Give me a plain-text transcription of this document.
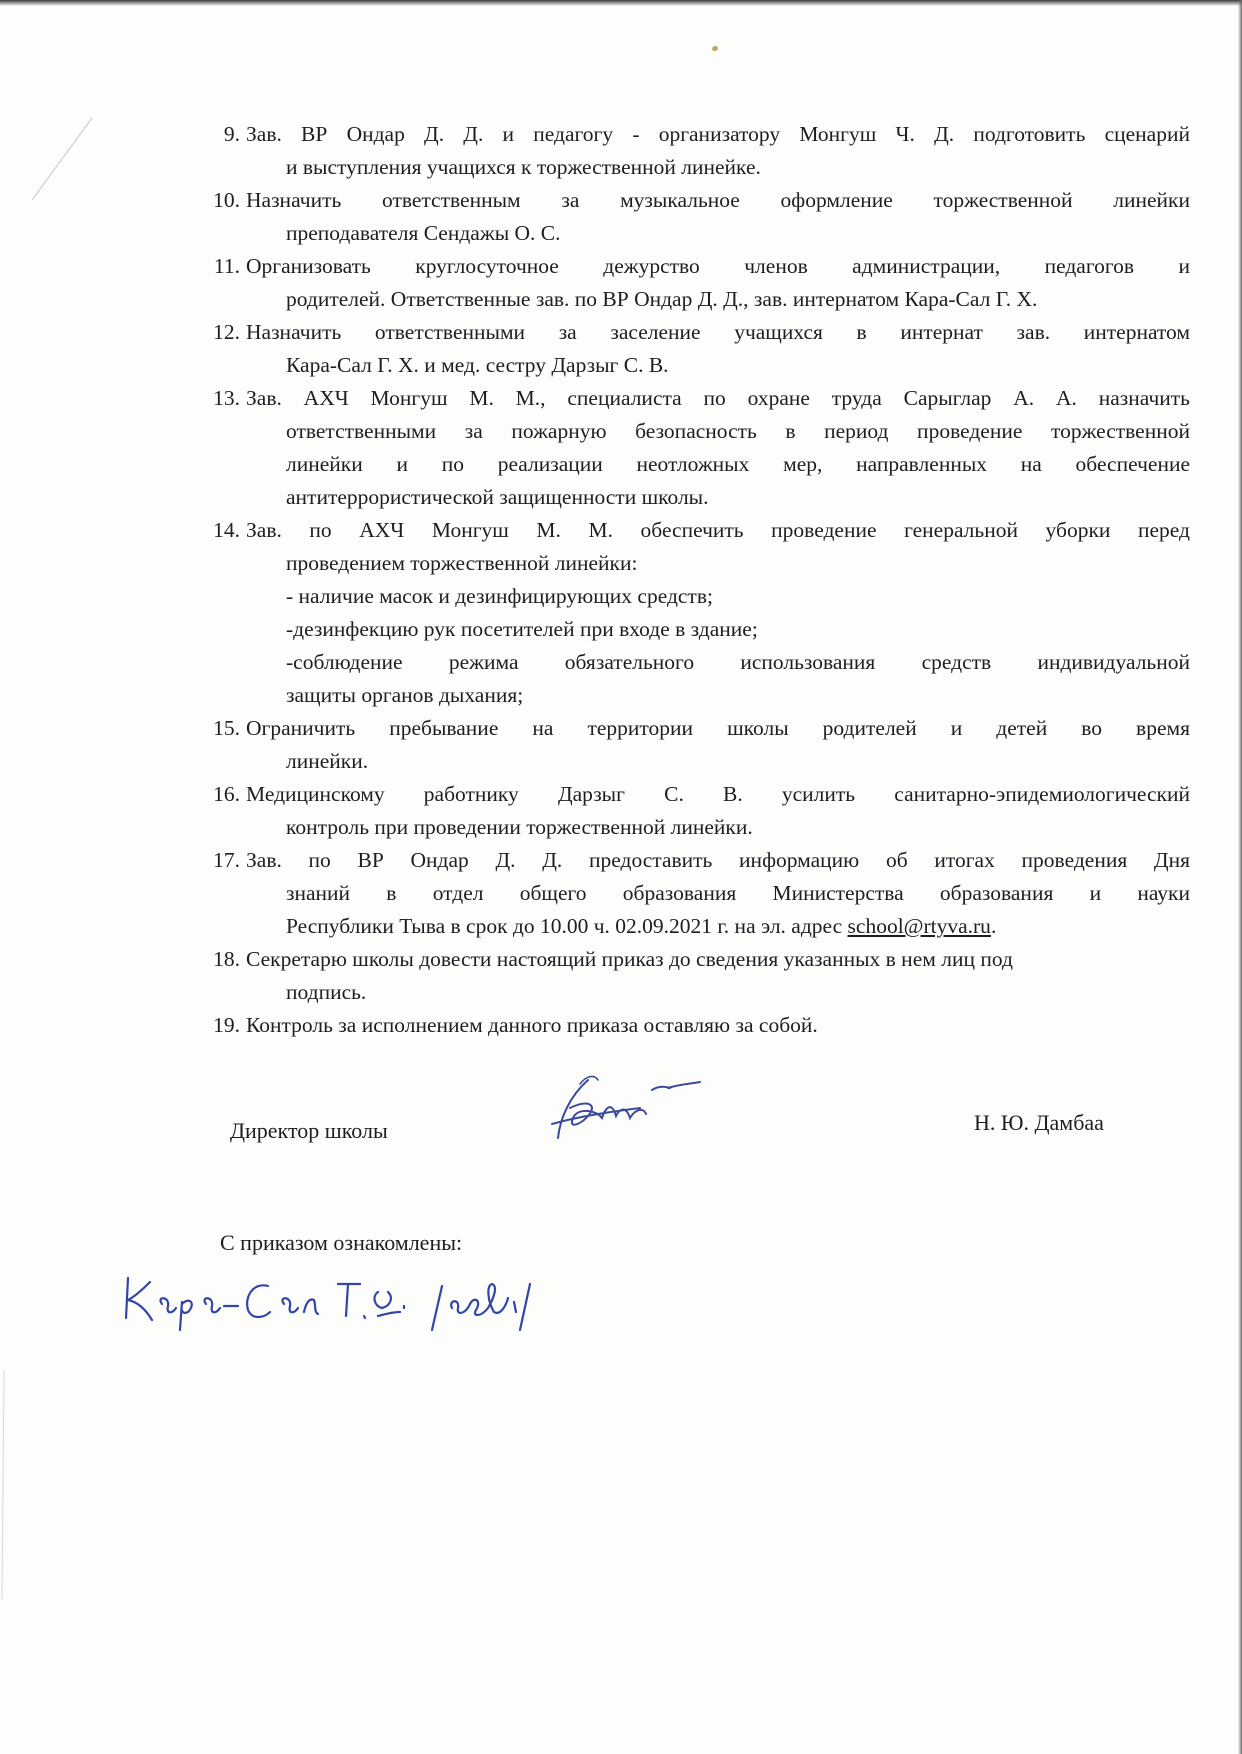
9. Зав. ВР Ондар Д. Д. и педагогу - организатору Монгуш Ч. Д. подготовить сценарий
и выступления учащихся к торжественной линейке.
10. Назначить ответственным за музыкальное оформление торжественной линейки
преподавателя Сендажы О. С.
11. Организовать круглосуточное дежурство членов администрации, педагогов и
родителей. Ответственные зав. по ВР Ондар Д. Д., зав. интернатом Кара-Сал Г. Х.
12. Назначить ответственными за заселение учащихся в интернат зав. интернатом
Кара-Сал Г. Х. и мед. сестру Дарзыг С. В.
13. Зав. АХЧ Монгуш М. М., специалиста по охране труда Сарыглар А. А. назначить
ответственными за пожарную безопасность в период проведение торжественной
линейки и по реализации неотложных мер, направленных на обеспечение
антитеррористической защищенности школы.
14. Зав. по АХЧ Монгуш М. М. обеспечить проведение генеральной уборки перед
проведением торжественной линейки:
- наличие масок и дезинфицирующих средств;
-дезинфекцию рук посетителей при входе в здание;
-соблюдение режима обязательного использования средств индивидуальной
защиты органов дыхания;
15. Ограничить пребывание на территории школы родителей и детей во время
линейки.
16. Медицинскому работнику Дарзыг С. В. усилить санитарно-эпидемиологический
контроль при проведении торжественной линейки.
17. Зав. по ВР Ондар Д. Д. предоставить информацию об итогах проведения Дня
знаний в отдел общего образования Министерства образования и науки
Республики Тыва в срок до 10.00 ч. 02.09.2021 г. на эл. адрес school@rtyva.ru.
18. Секретарю школы довести настоящий приказ до сведения указанных в нем лиц под
подпись.
19. Контроль за исполнением данного приказа оставляю за собой.
Директор школы	Н. Ю. Дамбаа
С приказом ознакомлены:
